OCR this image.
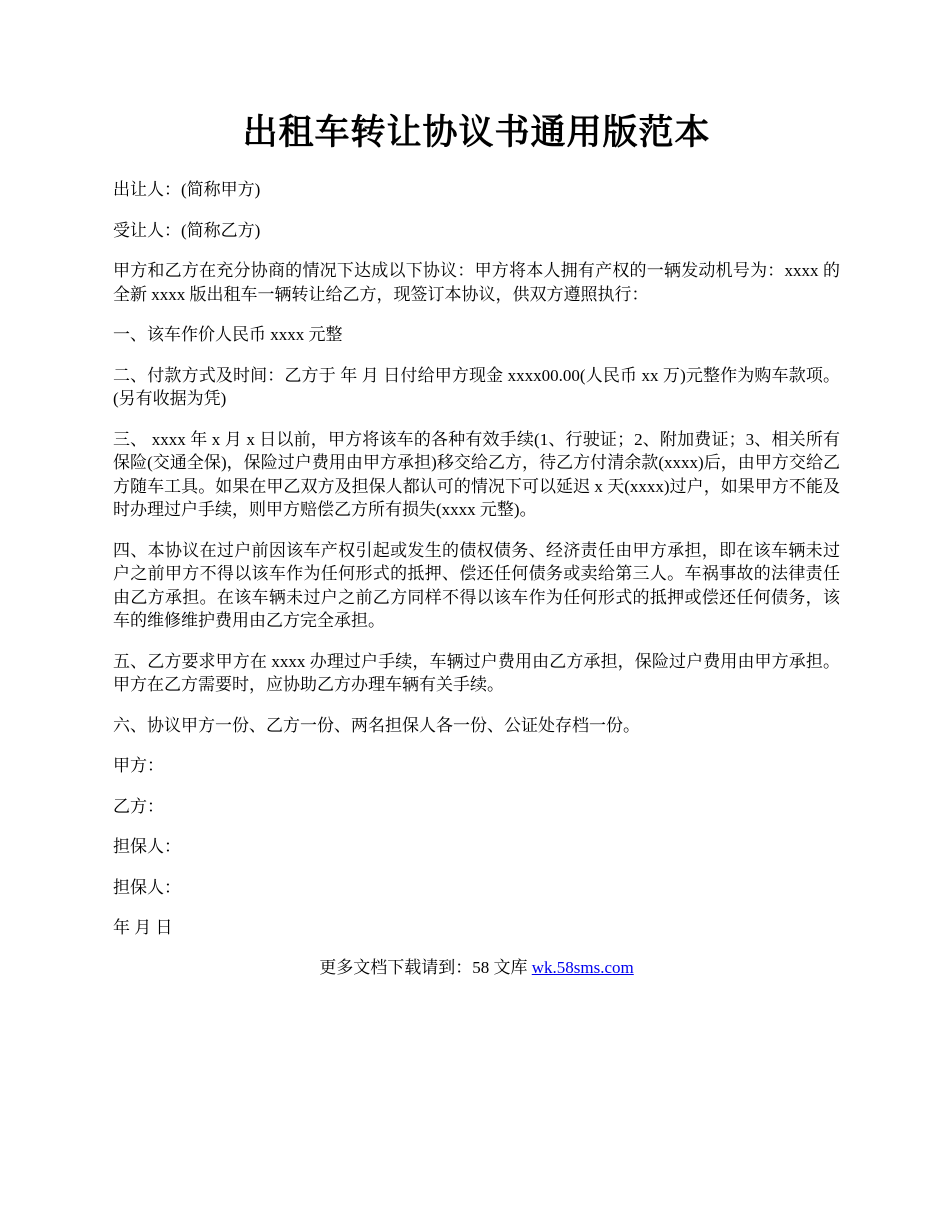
出租车转让协议书通用版范本

出让人：(简称甲方)

受让人：(简称乙方)

甲方和乙方在充分协商的情况下达成以下协议：甲方将本人拥有产权的一辆发动机号为：xxxx 的全新 xxxx 版出租车一辆转让给乙方，现签订本协议，供双方遵照执行：

一、该车作价人民币 xxxx 元整

二、付款方式及时间：乙方于 年 月 日付给甲方现金 xxxx00.00(人民币 xx 万)元整作为购车款项。(另有收据为凭)

三、 xxxx 年 x 月 x 日以前，甲方将该车的各种有效手续(1、行驶证；2、附加费证；3、相关所有保险(交通全保)，保险过户费用由甲方承担)移交给乙方，待乙方付清余款(xxxx)后，由甲方交给乙方随车工具。如果在甲乙双方及担保人都认可的情况下可以延迟 x 天(xxxx)过户，如果甲方不能及时办理过户手续，则甲方赔偿乙方所有损失(xxxx 元整)。

四、本协议在过户前因该车产权引起或发生的债权债务、经济责任由甲方承担，即在该车辆未过户之前甲方不得以该车作为任何形式的抵押、偿还任何债务或卖给第三人。车祸事故的法律责任由乙方承担。在该车辆未过户之前乙方同样不得以该车作为任何形式的抵押或偿还任何债务，该车的维修维护费用由乙方完全承担。

五、乙方要求甲方在 xxxx 办理过户手续，车辆过户费用由乙方承担，保险过户费用由甲方承担。甲方在乙方需要时，应协助乙方办理车辆有关手续。

六、协议甲方一份、乙方一份、两名担保人各一份、公证处存档一份。

甲方：

乙方：

担保人：

担保人：

年 月 日

更多文档下载请到：58 文库 wk.58sms.com
